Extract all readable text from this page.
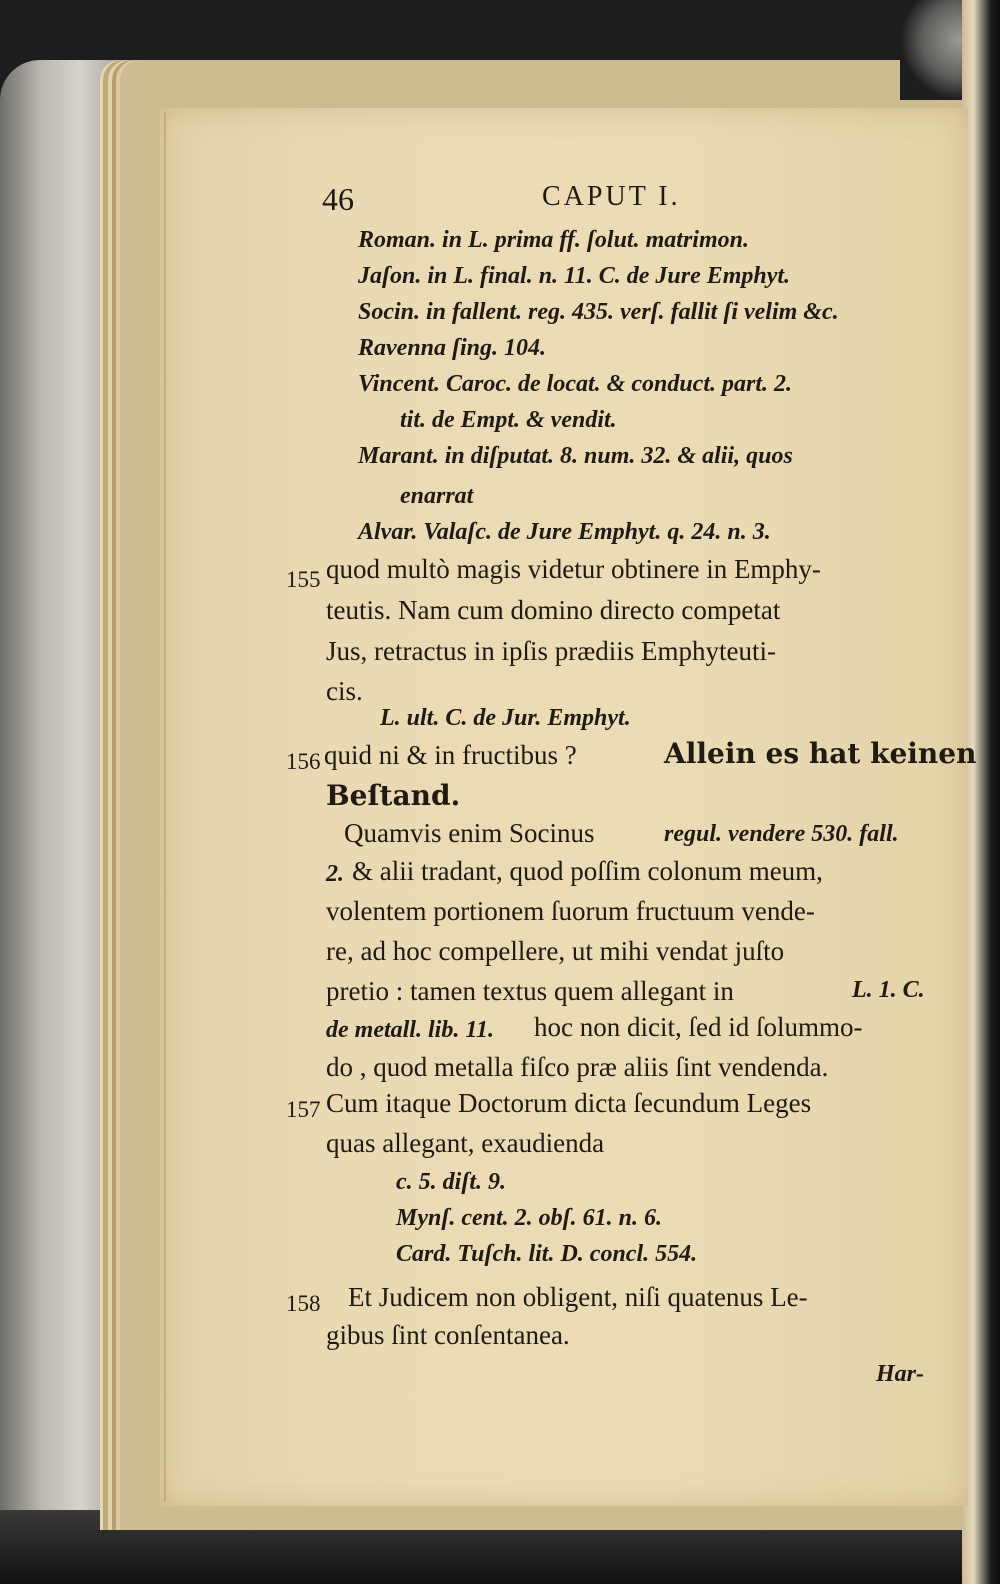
46	CAPUT I.
Roman. in L. prima ff. ſolut. matrimon.
Jaſon. in L. final. n. 11. C. de Jure Emphyt.
Socin. in fallent. reg. 435. verſ. fallit ſi velim &c.
Ravenna ſing. 104.
Vincent. Caroc. de locat. & conduct. part. 2.
tit. de Empt. & vendit.
Marant. in diſputat. 8. num. 32. & alii, quos
enarrat
Alvar. Valaſc. de Jure Emphyt. q. 24. n. 3.
155 quod multò magis videtur obtinere in Emphy-
teutis. Nam cum domino directo competat
Jus, retractus in ipſis prædiis Emphyteuti-
cis.
L. ult. C. de Jur. Emphyt.
156 quid ni & in fructibus ?	Allein es hat keinen
Beſtand.
Quamvis enim Socinus	regul. vendere 530. fall.
2. & alii tradant, quod poſſim colonum meum,
volentem portionem ſuorum fructuum vende-
re, ad hoc compellere, ut mihi vendat juſto
pretio : tamen textus quem allegant in	L. 1. C.
de metall. lib. 11. hoc non dicit, ſed id ſolummo-
do , quod metalla fiſco præ aliis ſint vendenda.
157 Cum itaque Doctorum dicta ſecundum Leges
quas allegant, exaudienda
c. 5. diſt. 9.
Mynſ. cent. 2. obſ. 61. n. 6.
Card. Tuſch. lit. D. concl. 554.
158 Et Judicem non obligent, niſi quatenus Le-
gibus ſint conſentanea.
Har-
